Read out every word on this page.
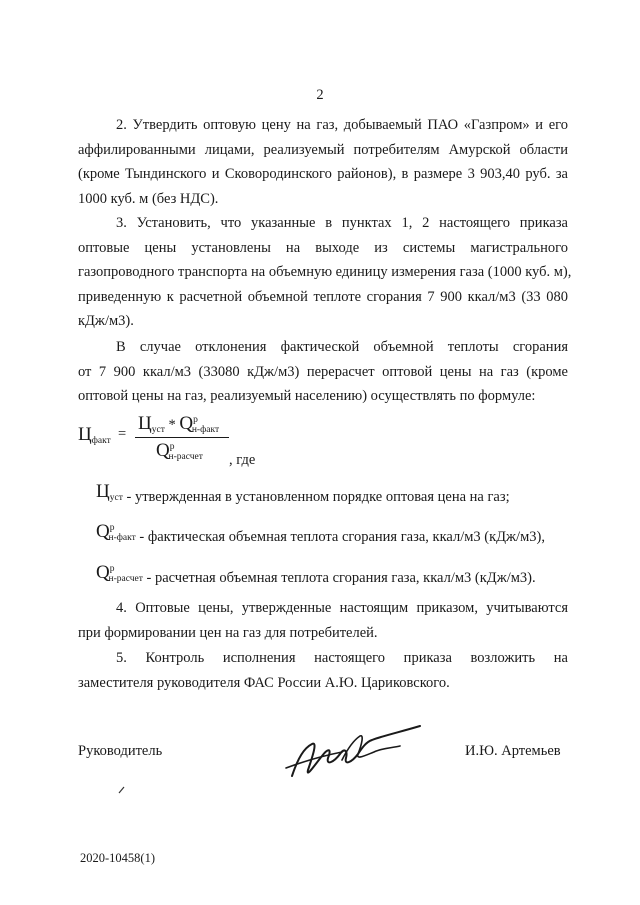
2
2. Утвердить оптовую цену на газ, добываемый ПАО «Газпром» и его
аффилированными лицами, реализуемый потребителям Амурской области
(кроме Тындинского и Сковородинского районов), в размере 3 903,40 руб. за
1000 куб. м (без НДС).
3. Установить, что указанные в пунктах 1, 2 настоящего приказа
оптовые цены установлены на выходе из системы магистрального
газопроводного транспорта на объемную единицу измерения газа (1000 куб. м),
приведенную к расчетной объемной теплоте сгорания 7 900 ккал/м3 (33 080
кДж/м3).
В случае отклонения фактической объемной теплоты сгорания
от 7 900 ккал/м3 (33080 кДж/м3) перерасчет оптовой цены на газ (кроме
оптовой цены на газ, реализуемый населению) осуществлять по формуле:
$Ц_{факт} = Ц_{уст} * Q^р_{н-факт}$
$Q^р_{н-расчет}$ , где
$Ц_{уст}$ - утвержденная в установленном порядке оптовая цена на газ;
$Q^р_{н-факт}$ - фактическая объемная теплота сгорания газа, ккал/м3 (кДж/м3),
$Q^р_{н-расчет}$ - расчетная объемная теплота сгорания газа, ккал/м3 (кДж/м3).
4. Оптовые цены, утвержденные настоящим приказом, учитываются
при формировании цен на газ для потребителей.
5. Контроль исполнения настоящего приказа возложить на
заместителя руководителя ФАС России А.Ю. Цариковского.
Руководитель	И.Ю. Артемьев
2020-10458(1)
